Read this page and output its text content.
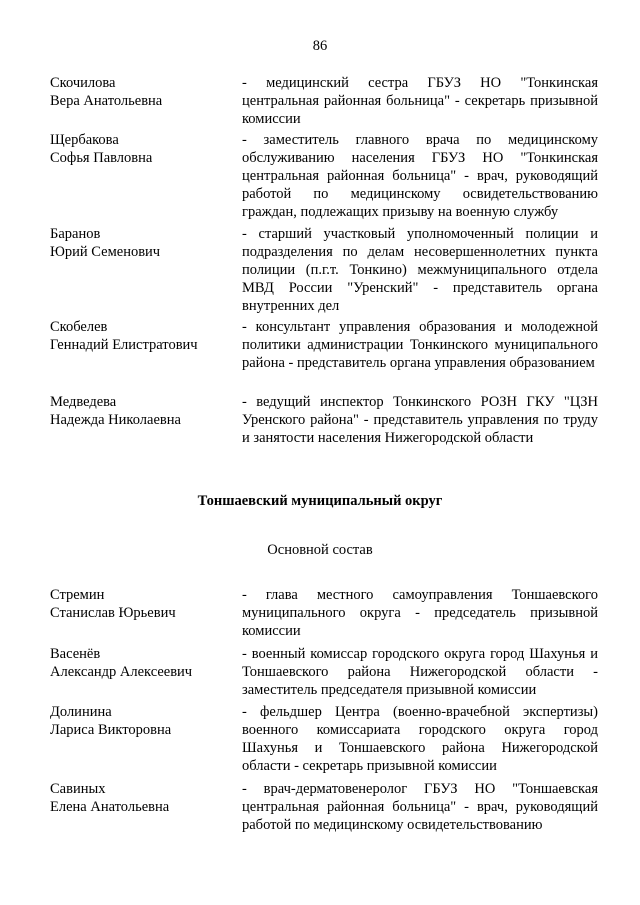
86
Скочилова
Вера Анатольевна
- медицинский сестра ГБУЗ НО "Тонкинская центральная районная больница" - секретарь призывной комиссии
Щербакова
Софья Павловна
- заместитель главного врача по медицинскому обслуживанию населения ГБУЗ НО "Тонкинская центральная районная больница" - врач, руководящий работой по медицинскому освидетельствованию граждан, подлежащих призыву на военную службу
Баранов
Юрий Семенович
- старший участковый уполномоченный полиции и подразделения по делам несовершеннолетних пункта полиции (п.г.т. Тонкино) межмуниципального отдела МВД России "Уренский" - представитель органа внутренних дел
Скобелев
Геннадий Елистратович
- консультант управления образования и молодежной политики администрации Тонкинского муниципального района - представитель органа управления образованием
Медведева
Надежда Николаевна
- ведущий инспектор Тонкинского РОЗН ГКУ "ЦЗН Уренского района" - представитель управления по труду и занятости населения Нижегородской области
Тоншаевский муниципальный округ
Основной состав
Стремин
Станислав Юрьевич
- глава местного самоуправления Тоншаевского муниципального округа - председатель призывной комиссии
Васенёв
Александр Алексеевич
- военный комиссар городского округа город Шахунья и Тоншаевского района Нижегородской области - заместитель председателя призывной комиссии
Долинина
Лариса Викторовна
- фельдшер Центра (военно-врачебной экспертизы) военного комиссариата городского округа город Шахунья и Тоншаевского района Нижегородской области - секретарь призывной комиссии
Савиных
Елена Анатольевна
- врач-дерматовенеролог ГБУЗ НО "Тоншаевская центральная районная больница" - врач, руководящий работой по медицинскому освидетельствованию
